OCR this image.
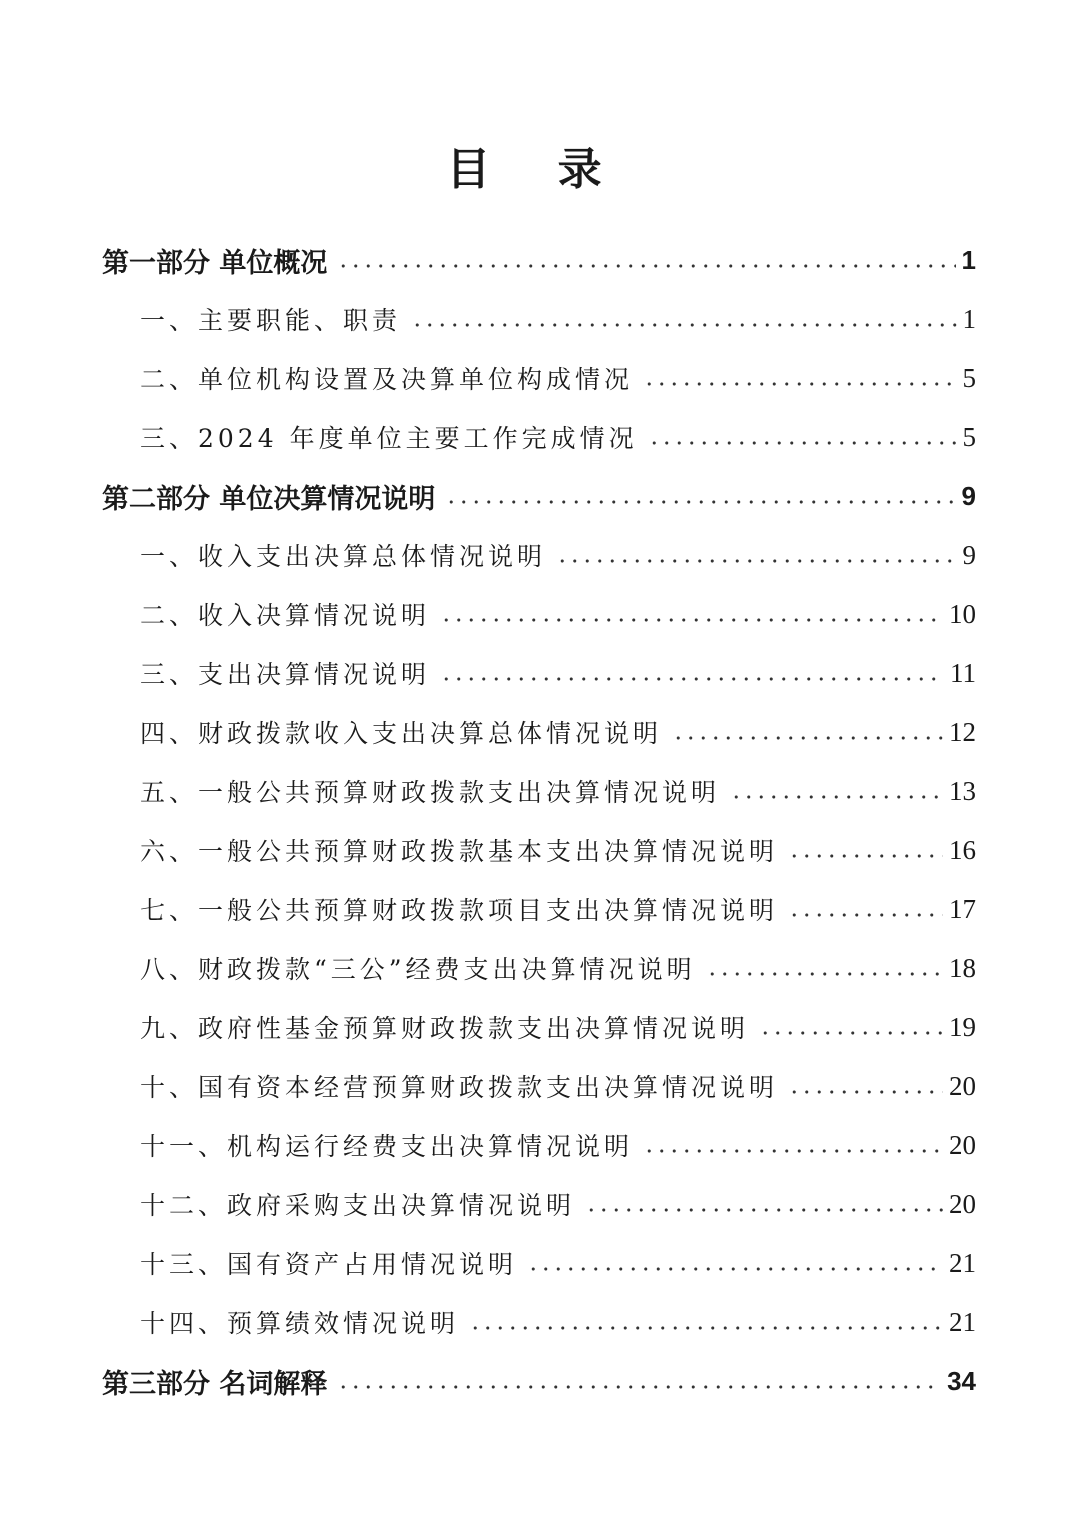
目 录
第一部分 单位概况	1
一、主要职能、职责	1
二、单位机构设置及决算单位构成情况	5
三、2024 年度单位主要工作完成情况	5
第二部分 单位决算情况说明	9
一、收入支出决算总体情况说明	9
二、收入决算情况说明	10
三、支出决算情况说明	11
四、财政拨款收入支出决算总体情况说明	12
五、一般公共预算财政拨款支出决算情况说明	13
六、一般公共预算财政拨款基本支出决算情况说明	16
七、一般公共预算财政拨款项目支出决算情况说明	17
八、财政拨款“三公”经费支出决算情况说明	18
九、政府性基金预算财政拨款支出决算情况说明	19
十、国有资本经营预算财政拨款支出决算情况说明	20
十一、机构运行经费支出决算情况说明	20
十二、政府采购支出决算情况说明	20
十三、国有资产占用情况说明	21
十四、预算绩效情况说明	21
第三部分 名词解释	34
